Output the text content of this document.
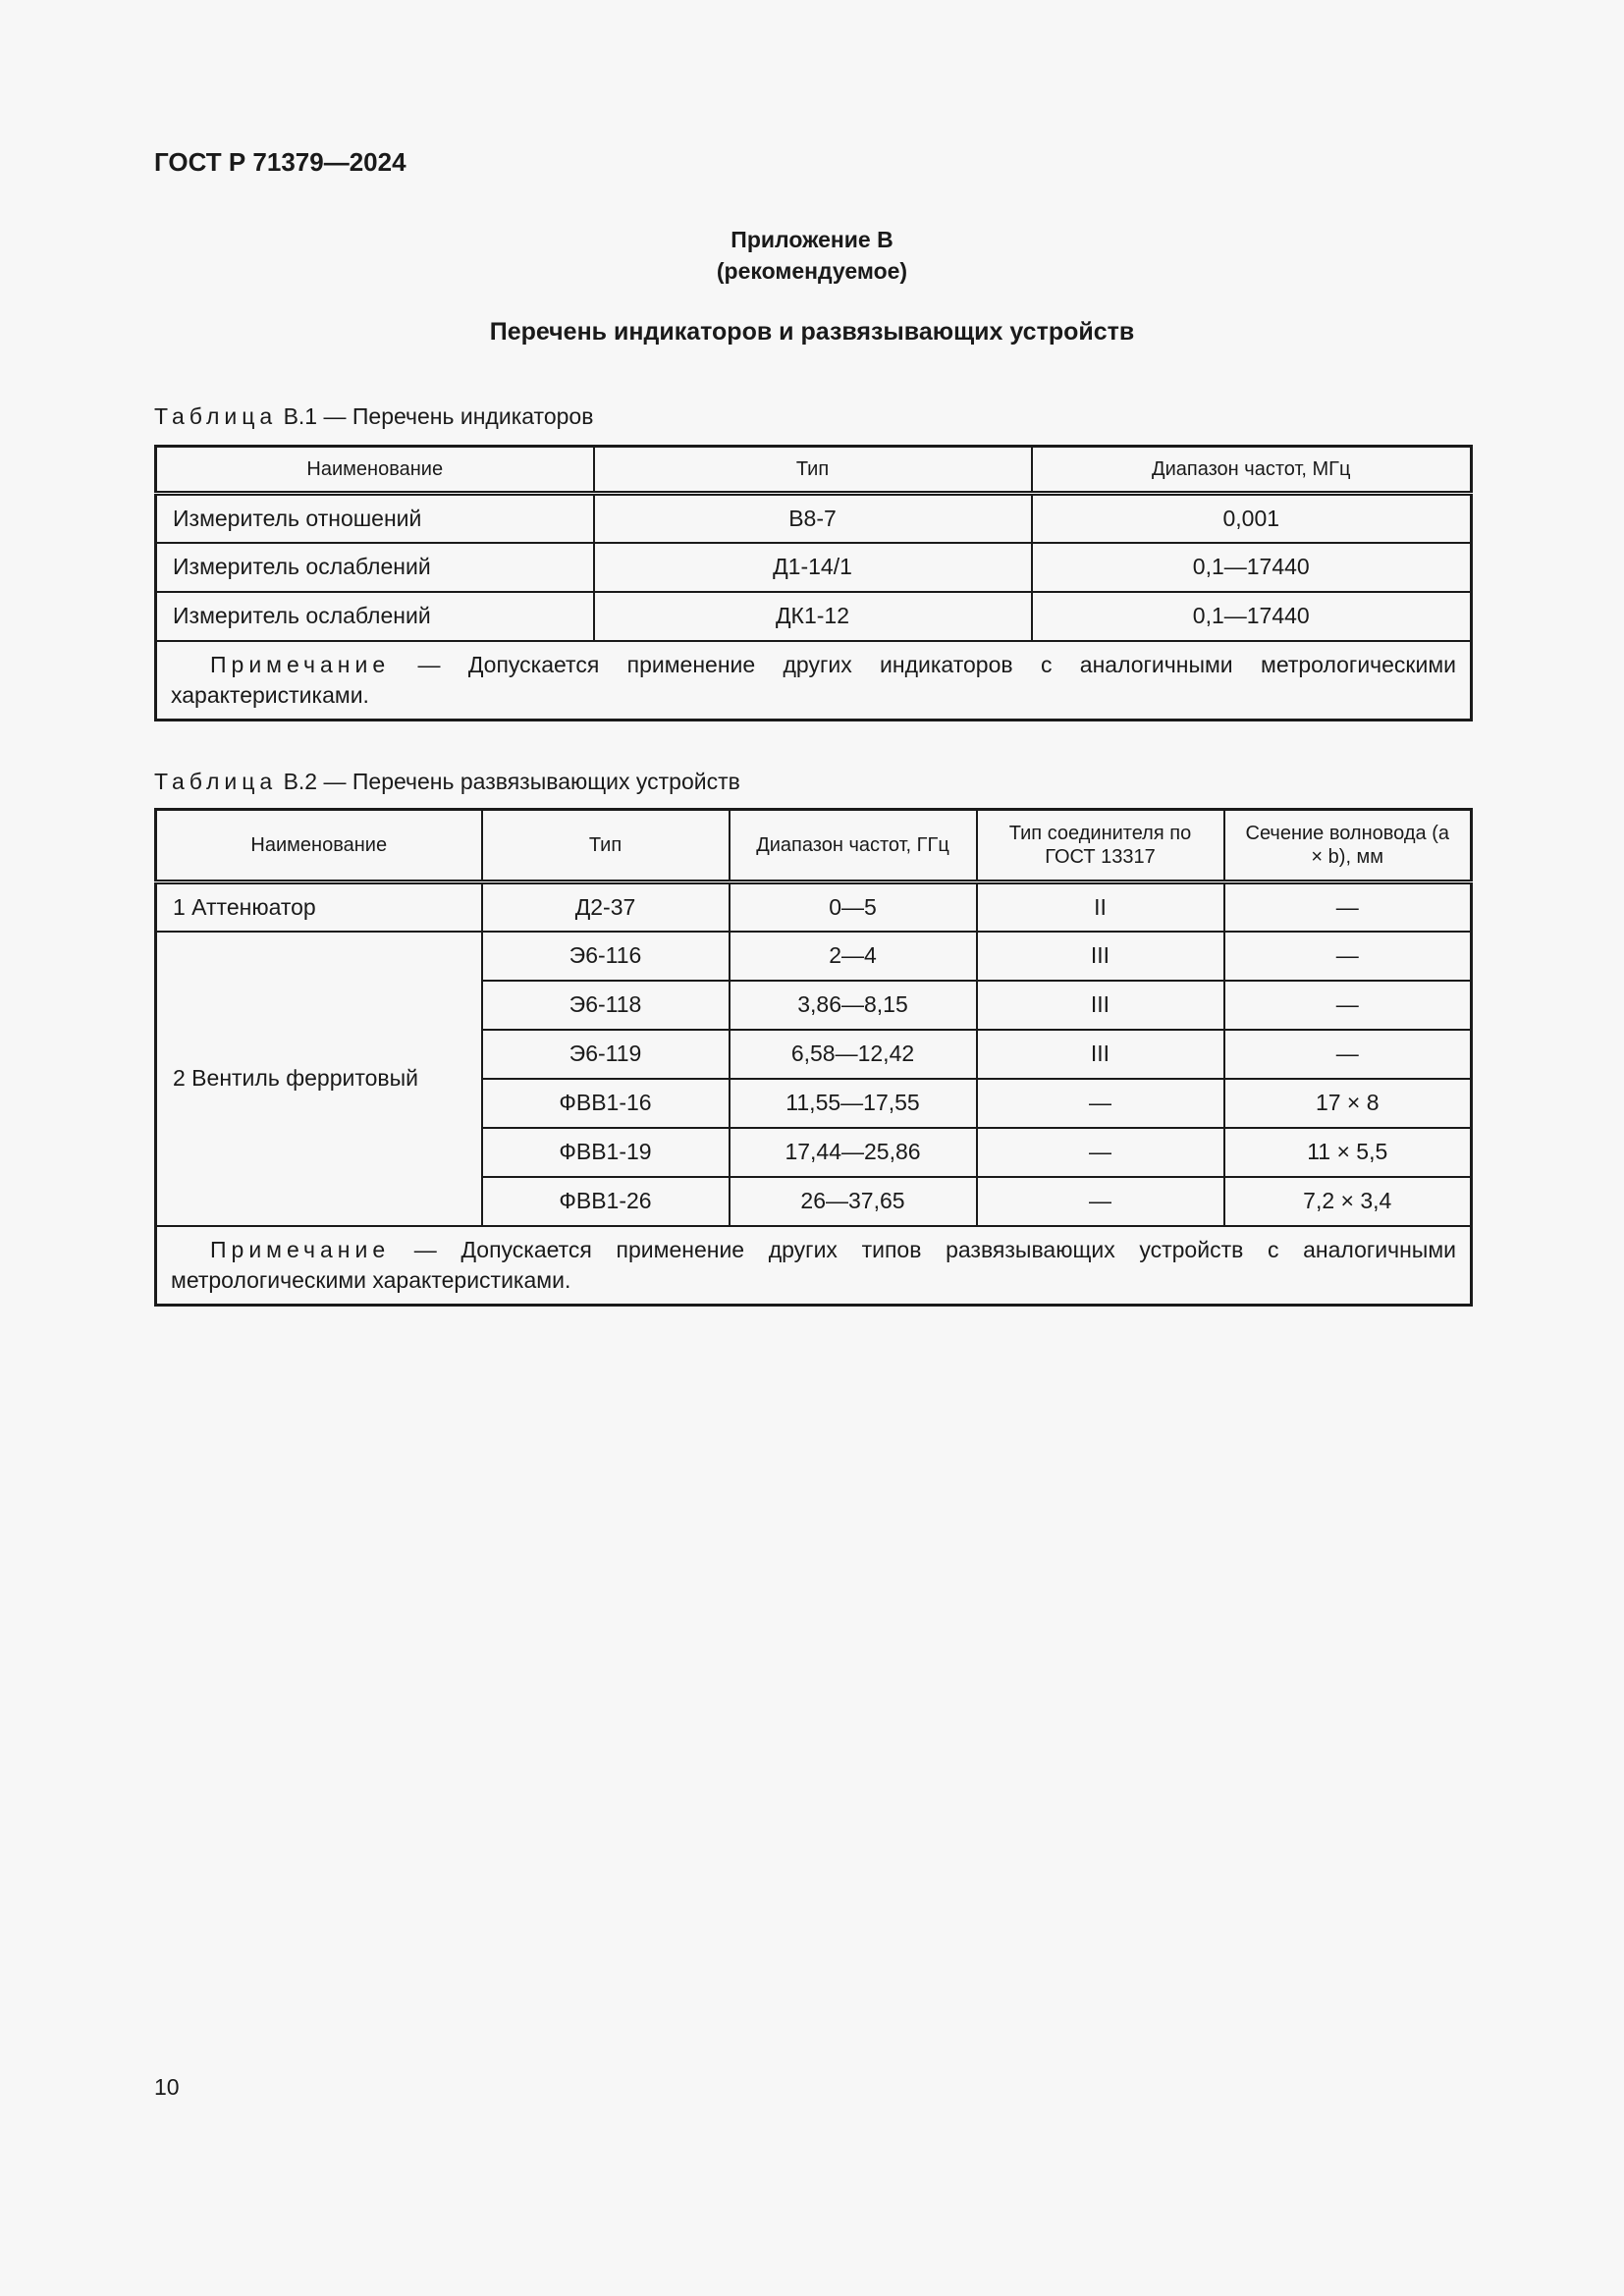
ГОСТ Р 71379—2024
Приложение В
(рекомендуемое)
Перечень индикаторов и развязывающих устройств
Таблица В.1 — Перечень индикаторов
Наименование	Тип	Диапазон частот, МГц
Измеритель отношений	В8-7	0,001
Измеритель ослаблений	Д1-14/1	0,1—17440
Измеритель ослаблений	ДК1-12	0,1—17440
Примечание — Допускается применение других индикаторов с аналогичными метрологическими характеристиками.		
Таблица В.2 — Перечень развязывающих устройств
Наименование	Тип	Диапазон частот, ГГц	Тип соединителя по ГОСТ 13317	Сечение волновода (a × b), мм
1 Аттенюатор	Д2-37	0—5	II	—
2 Вентиль ферритовый	Э6-116	2—4	III	—
	Э6-118	3,86—8,15	III	—
	Э6-119	6,58—12,42	III	—
	ФВВ1-16	11,55—17,55	—	17 × 8
	ФВВ1-19	17,44—25,86	—	11 × 5,5
	ФВВ1-26	26—37,65	—	7,2 × 3,4
Примечание — Допускается применение других типов развязывающих устройств с аналогичными метрологическими характеристиками.				
10
